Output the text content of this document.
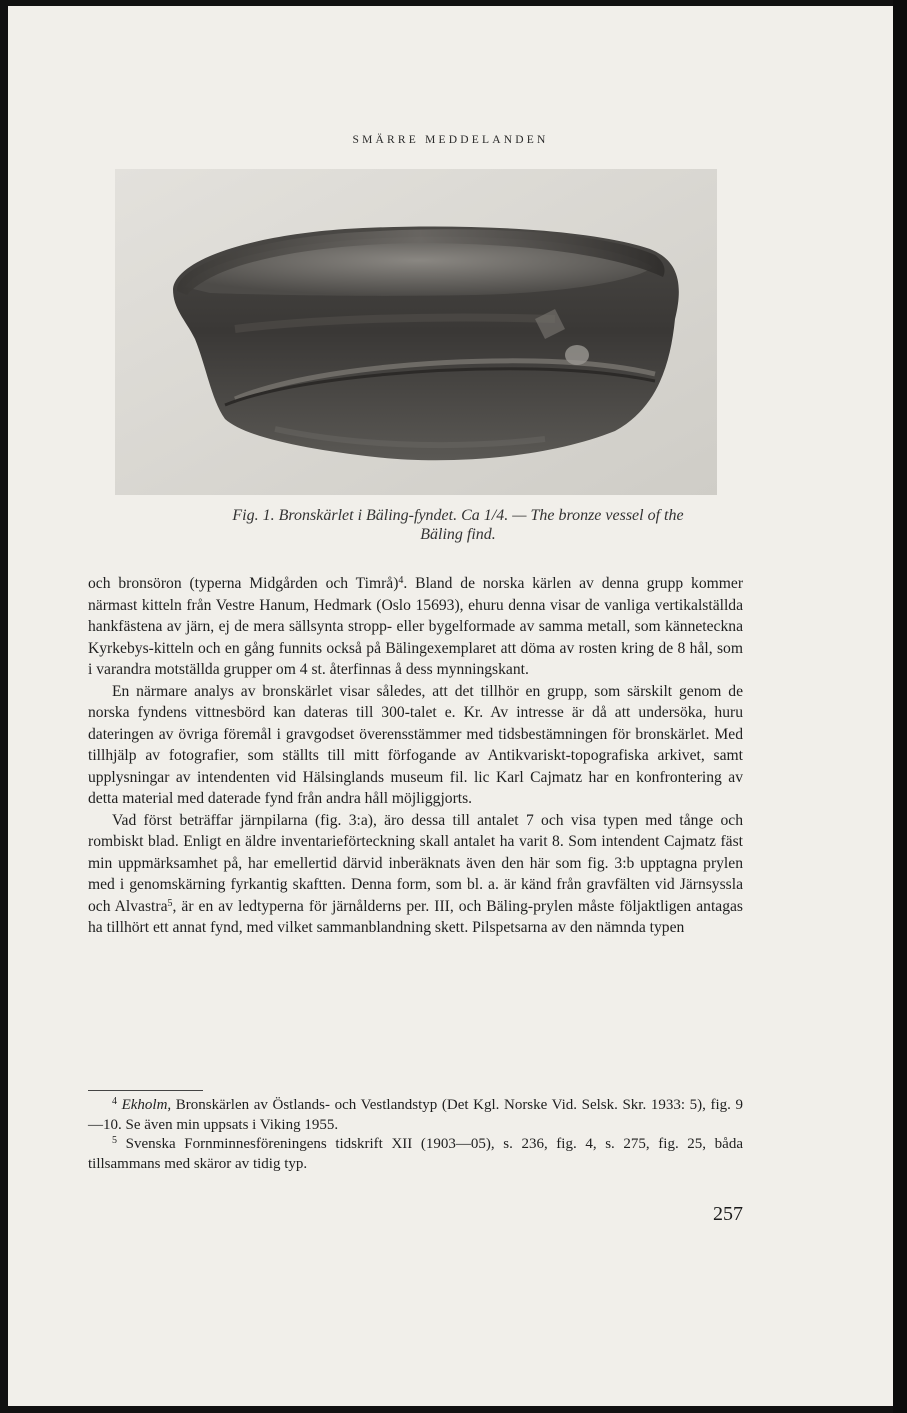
SMÄRRE MEDDELANDEN
Fig. 1. Bronskärlet i Bäling-fyndet. Ca 1/4. — The bronze vessel of the
Bäling find.

och bronsöron (typerna Midgården och Timrå)$^4$. Bland de norska kärlen av denna grupp kommer närmast kitteln från Vestre Hanum, Hedmark (Oslo 15693), ehuru denna visar de vanliga vertikalställda hankfästena av järn, ej de mera sällsynta stropp- eller bygelformade av samma metall, som kännetecknа Kyrkebys-kitteln och en gång funnits också på Bälingexemplaret att döma av rosten kring de 8 hål, som i varandra motställda grupper om 4 st. återfinnas å dess mynningskant.

En närmare analys av bronskärlet visar således, att det tillhör en grupp, som särskilt genom de norska fyndens vittnesbörd kan dateras till 300-talet e. Kr. Av intresse är då att undersöka, huru dateringen av övriga föremål i gravgodset överensstämmer med tidsbestämningen för bronskärlet. Med tillhjälp av fotografier, som ställts till mitt förfogande av Antikvariskt-topografiska arkivet, samt upplysningar av intendenten vid Hälsinglands museum fil. lic Karl Cajmatz har en konfrontering av detta material med daterade fynd från andra håll möjliggjorts.

Vad först beträffar järnpilarna (fig. 3:a), äro dessa till antalet 7 och visa typen med tånge och rombiskt blad. Enligt en äldre inventarieförteckning skall antalet ha varit 8. Som intendent Cajmatz fäst min uppmärksamhet på, har emellertid därvid inberäknats även den här som fig. 3:b upptagna prylen med i genomskärning fyrkantig skaftten. Denna form, som bl. a. är känd från gravfälten vid Järnsyssla och Alvastra$^5$, är en av ledtyperna för järnålderns per. III, och Bäling-prylen måste följaktligen antagas ha tillhört ett annat fynd, med vilket sammanblandning skett. Pilspetsarna av den nämnda typen

$^4$ Ekholm, Bronskärlen av Östlands- och Vestlandstyp (Det Kgl. Norske Vid. Selsk. Skr. 1933: 5), fig. 9—10. Se även min uppsats i Viking 1955.

$^5$ Svenska Fornminnesföreningens tidskrift XII (1903—05), s. 236, fig. 4, s. 275, fig. 25, båda tillsammans med skäror av tidig typ.

257
